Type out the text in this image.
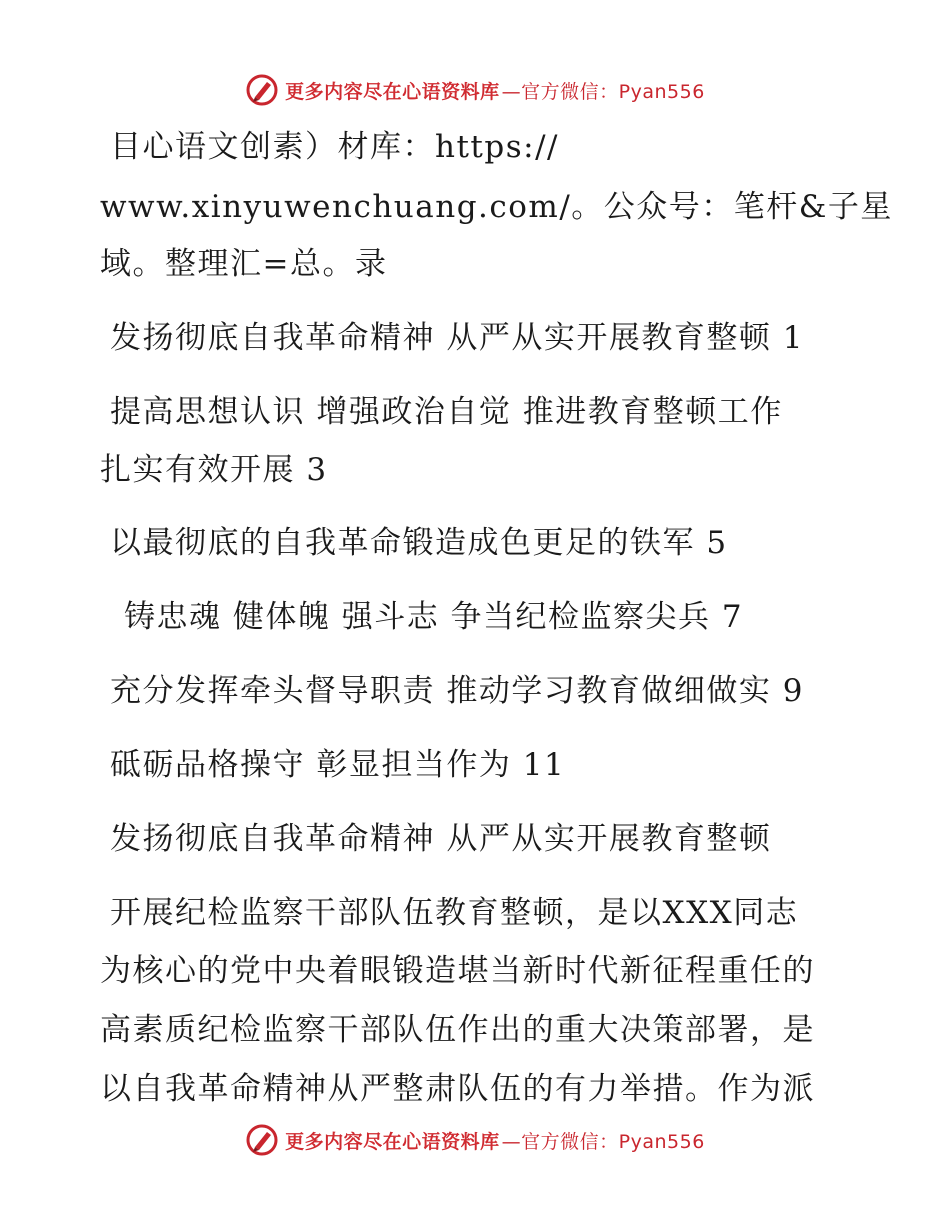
更多内容尽在心语资料库 —官方微信：Pyan556
目心语文创素）材库：https://
www.xinyuwenchuang.com/。公众号：笔杆&子星
域。整理汇=总。录
发扬彻底自我革命精神 从严从实开展教育整顿 1
提高思想认识 增强政治自觉 推进教育整顿工作
扎实有效开展 3
以最彻底的自我革命锻造成色更足的铁军 5
铸忠魂 健体魄 强斗志 争当纪检监察尖兵 7
充分发挥牵头督导职责 推动学习教育做细做实 9
砥砺品格操守 彰显担当作为 11
发扬彻底自我革命精神 从严从实开展教育整顿
开展纪检监察干部队伍教育整顿，是以XXX同志
为核心的党中央着眼锻造堪当新时代新征程重任的
高素质纪检监察干部队伍作出的重大决策部署，是
以自我革命精神从严整肃队伍的有力举措。作为派
更多内容尽在心语资料库 —官方微信：Pyan556
